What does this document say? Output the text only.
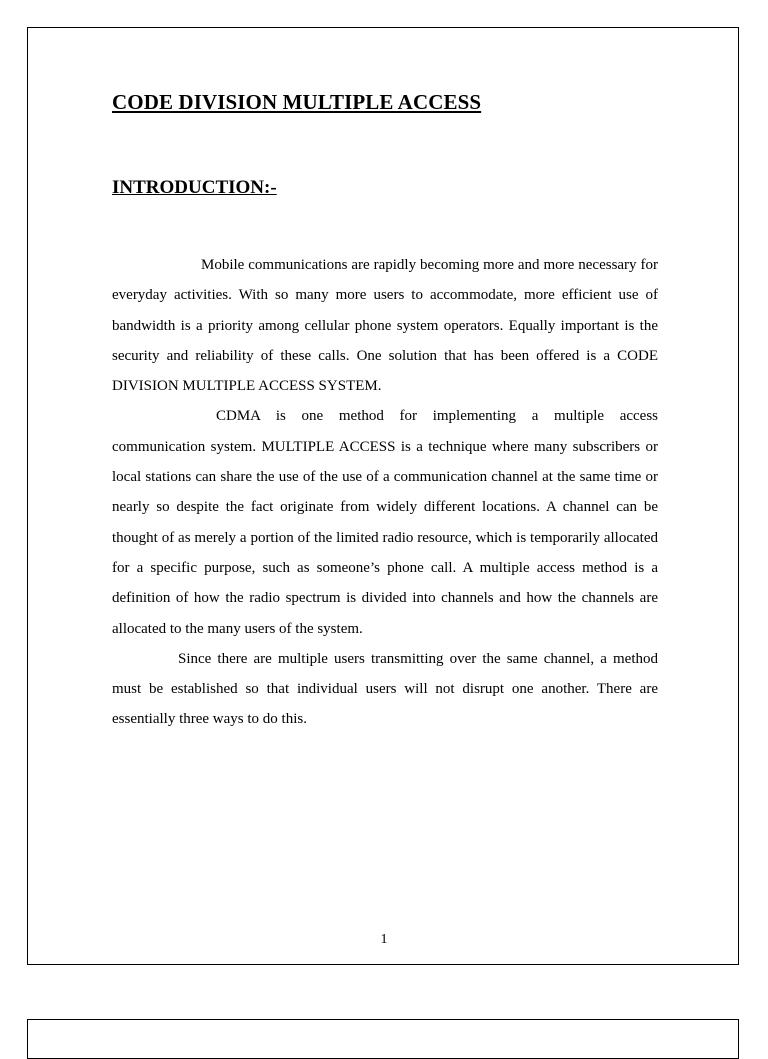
CODE DIVISION MULTIPLE ACCESS
INTRODUCTION:-

Mobile communications are rapidly becoming more and more necessary for everyday activities. With so many more users to accommodate, more efficient use of bandwidth is a priority among cellular phone system operators. Equally important is the security and reliability of these calls. One solution that has been offered is a CODE DIVISION MULTIPLE ACCESS SYSTEM.

CDMA is one method for implementing a multiple access communication system. MULTIPLE ACCESS is a technique where many subscribers or local stations can share the use of the use of a communication channel at the same time or nearly so despite the fact originate from widely different locations. A channel can be thought of as merely a portion of the limited radio resource, which is temporarily allocated for a specific purpose, such as someone’s phone call. A multiple access method is a definition of how the radio spectrum is divided into channels and how the channels are allocated to the many users of the system.

Since there are multiple users transmitting over the same channel, a method must be established so that individual users will not disrupt one another. There are essentially three ways to do this.

1
